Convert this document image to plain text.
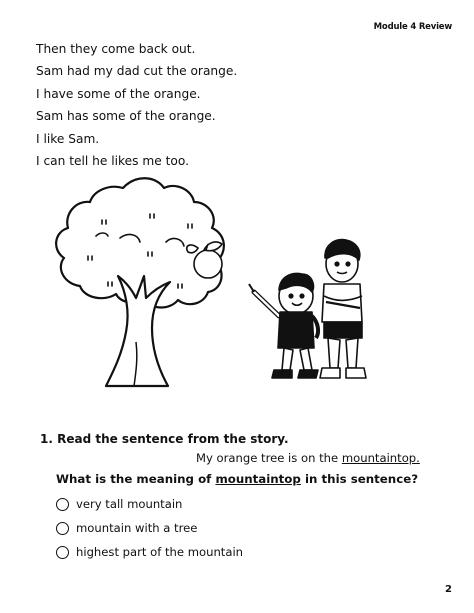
Module 4 Review
Then they come back out.
Sam had my dad cut the orange.
I have some of the orange.
Sam has some of the orange.
I like Sam.
I can tell he likes me too.
1. Read the sentence from the story.
My orange tree is on the mountaintop.
What is the meaning of mountaintop in this sentence?
very tall mountain
mountain with a tree
highest part of the mountain
2
